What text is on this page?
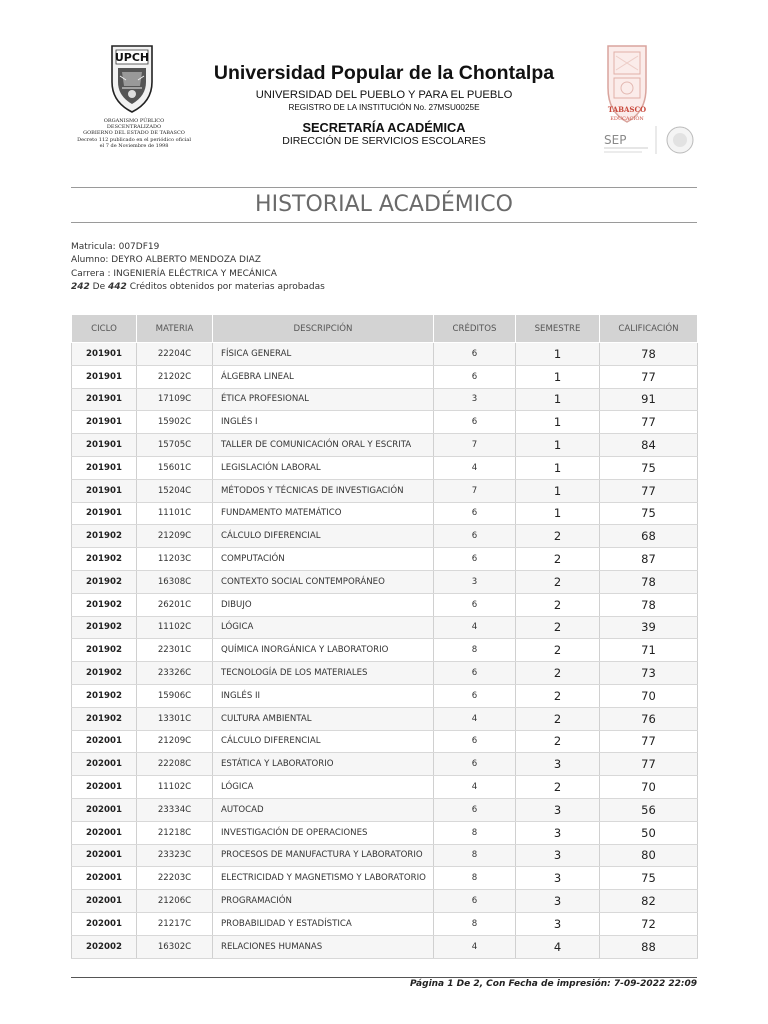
UPCH
ORGANISMO PÚBLICO
DESCENTRALIZADO
GOBIERNO DEL ESTADO DE TABASCO
Decreto 112 publicado en el periódico oficial
el 7 de Noviembre de 1998
Universidad Popular de la Chontalpa
UNIVERSIDAD DEL PUEBLO Y PARA EL PUEBLO
REGISTRO DE LA INSTITUCIÓN No. 27MSU0025E
SECRETARÍA ACADÉMICA
DIRECCIÓN DE SERVICIOS ESCOLARES
TABASCO
EDUCACIÓN
SEP
HISTORIAL ACADÉMICO
Matricula: 007DF19
Alumno: DEYRO ALBERTO MENDOZA DIAZ
Carrera : INGENIERÍA ELÉCTRICA Y MECÁNICA
242 De 442 Créditos obtenidos por materias aprobadas
CICLO	MATERIA	DESCRIPCIÓN	CRÉDITOS	SEMESTRE	CALIFICACIÓN
201901	22204C	FÍSICA GENERAL	6	1	78
201901	21202C	ÁLGEBRA LINEAL	6	1	77
201901	17109C	ÉTICA PROFESIONAL	3	1	91
201901	15902C	INGLÉS I	6	1	77
201901	15705C	TALLER DE COMUNICACIÓN ORAL Y ESCRITA	7	1	84
201901	15601C	LEGISLACIÓN LABORAL	4	1	75
201901	15204C	MÉTODOS Y TÉCNICAS DE INVESTIGACIÓN	7	1	77
201901	11101C	FUNDAMENTO MATEMÁTICO	6	1	75
201902	21209C	CÁLCULO DIFERENCIAL	6	2	68
201902	11203C	COMPUTACIÓN	6	2	87
201902	16308C	CONTEXTO SOCIAL CONTEMPORÁNEO	3	2	78
201902	26201C	DIBUJO	6	2	78
201902	11102C	LÓGICA	4	2	39
201902	22301C	QUÍMICA INORGÁNICA Y LABORATORIO	8	2	71
201902	23326C	TECNOLOGÍA DE LOS MATERIALES	6	2	73
201902	15906C	INGLÉS II	6	2	70
201902	13301C	CULTURA AMBIENTAL	4	2	76
202001	21209C	CÁLCULO DIFERENCIAL	6	2	77
202001	22208C	ESTÁTICA Y LABORATORIO	6	3	77
202001	11102C	LÓGICA	4	2	70
202001	23334C	AUTOCAD	6	3	56
202001	21218C	INVESTIGACIÓN DE OPERACIONES	8	3	50
202001	23323C	PROCESOS DE MANUFACTURA Y LABORATORIO	8	3	80
202001	22203C	ELECTRICIDAD Y MAGNETISMO Y LABORATORIO	8	3	75
202001	21206C	PROGRAMACIÓN	6	3	82
202001	21217C	PROBABILIDAD Y ESTADÍSTICA	8	3	72
202002	16302C	RELACIONES HUMANAS	4	4	88
Página 1 De 2, Con Fecha de impresión: 7-09-2022 22:09
